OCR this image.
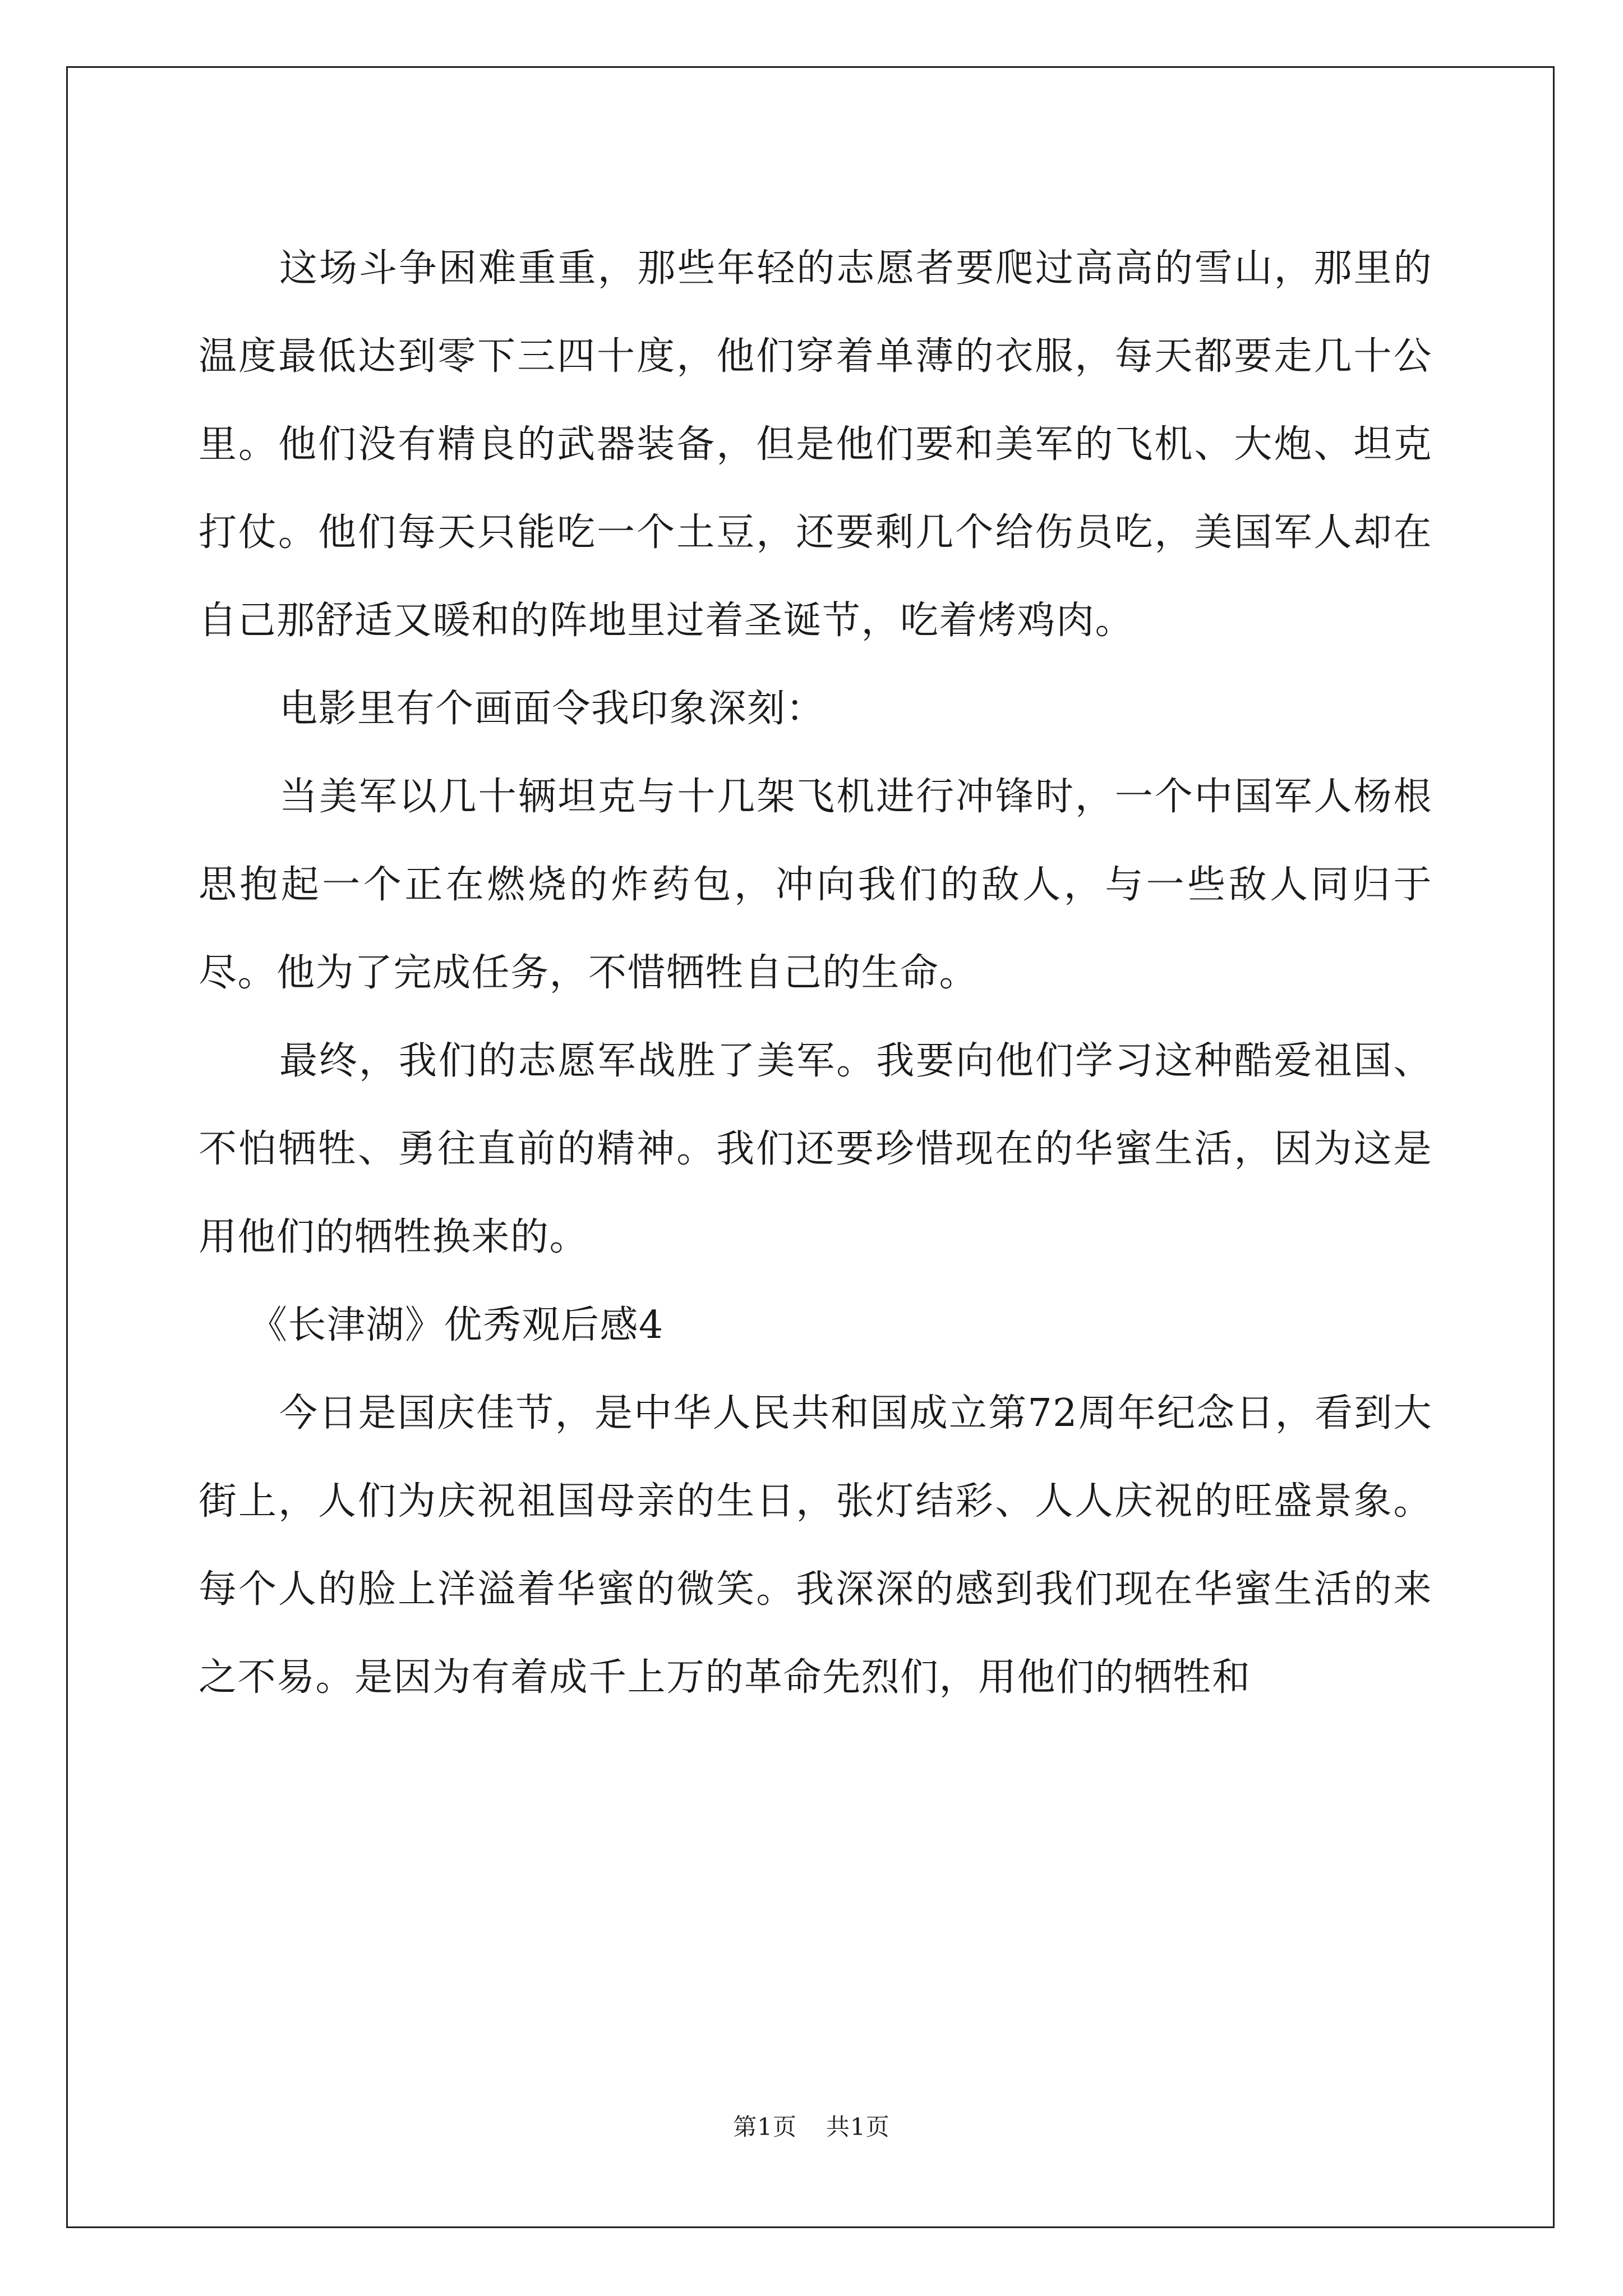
这场斗争困难重重，那些年轻的志愿者要爬过高高的雪山，那里的温度最低达到零下三四十度，他们穿着单薄的衣服，每天都要走几十公里。他们没有精良的武器装备，但是他们要和美军的飞机、大炮、坦克打仗。他们每天只能吃一个土豆，还要剩几个给伤员吃，美国军人却在自己那舒适又暖和的阵地里过着圣诞节，吃着烤鸡肉。

电影里有个画面令我印象深刻：

当美军以几十辆坦克与十几架飞机进行冲锋时，一个中国军人杨根思抱起一个正在燃烧的炸药包，冲向我们的敌人，与一些敌人同归于尽。他为了完成任务，不惜牺牲自己的生命。

最终，我们的志愿军战胜了美军。我要向他们学习这种酷爱祖国、不怕牺牲、勇往直前的精神。我们还要珍惜现在的华蜜生活，因为这是用他们的牺牲换来的。

《长津湖》优秀观后感4

今日是国庆佳节，是中华人民共和国成立第72周年纪念日，看到大街上，人们为庆祝祖国母亲的生日，张灯结彩、人人庆祝的旺盛景象。每个人的脸上洋溢着华蜜的微笑。我深深的感到我们现在华蜜生活的来之不易。是因为有着成千上万的革命先烈们，用他们的牺牲和

第1页 共1页
